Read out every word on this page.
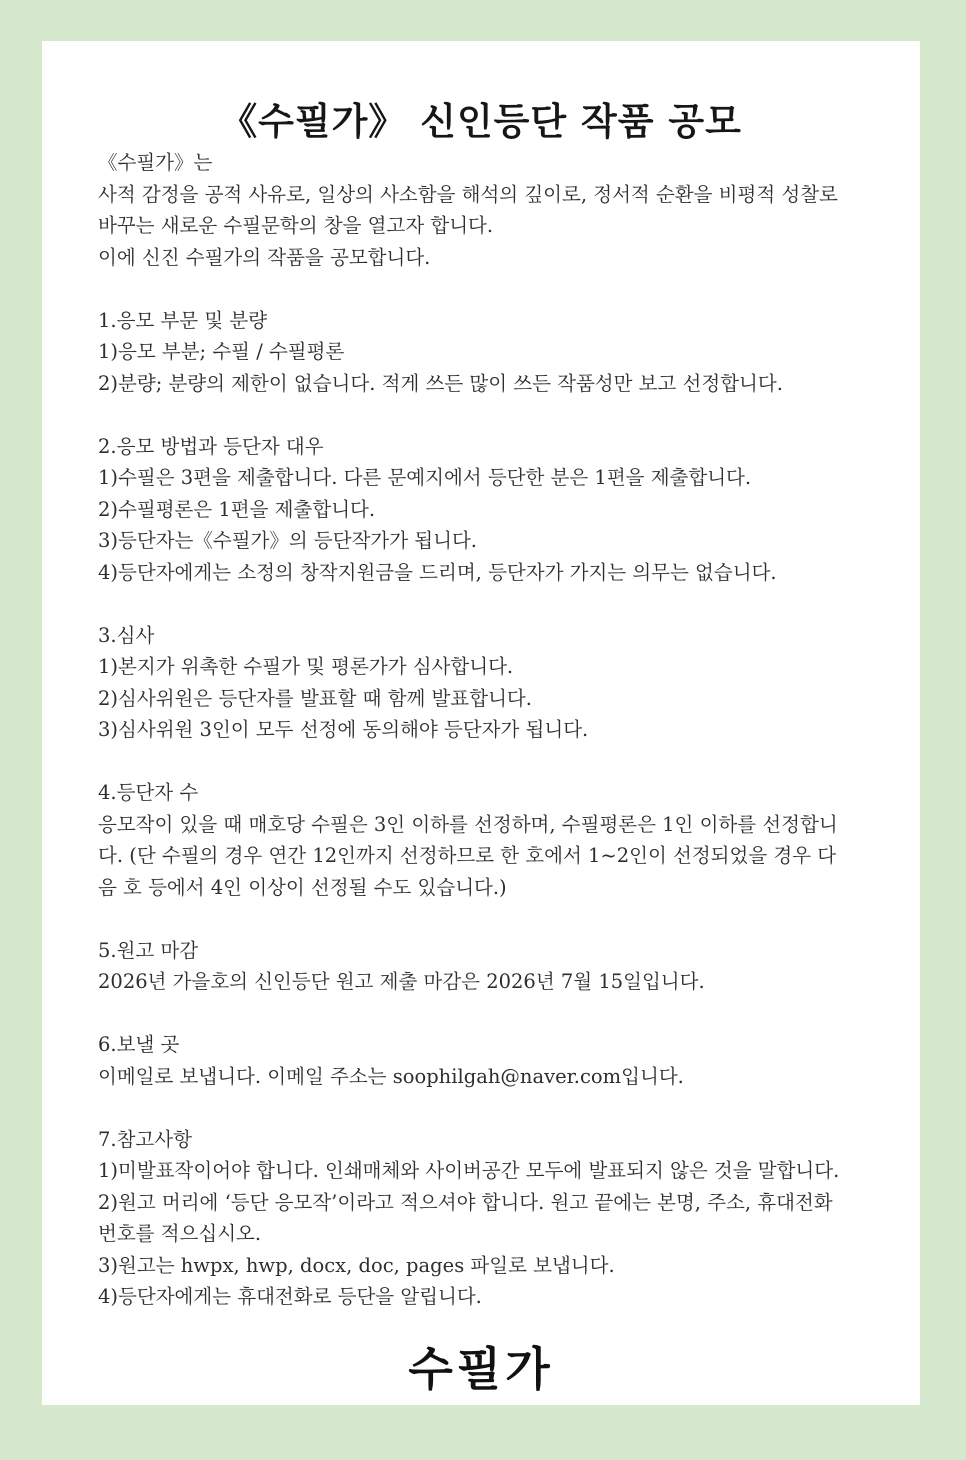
《수필가》 신인등단 작품 공모

《수필가》는

사적 감정을 공적 사유로, 일상의 사소함을 해석의 깊이로, 정서적 순환을 비평적 성찰로

바꾸는 새로운 수필문학의 창을 열고자 합니다.

이에 신진 수필가의 작품을 공모합니다.

1.응모 부문 및 분량

1)응모 부분; 수필 / 수필평론

2)분량; 분량의 제한이 없습니다. 적게 쓰든 많이 쓰든 작품성만 보고 선정합니다.

2.응모 방법과 등단자 대우

1)수필은 3편을 제출합니다. 다른 문예지에서 등단한 분은 1편을 제출합니다.

2)수필평론은 1편을 제출합니다.

3)등단자는《수필가》의 등단작가가 됩니다.

4)등단자에게는 소정의 창작지원금을 드리며, 등단자가 가지는 의무는 없습니다.

3.심사

1)본지가 위촉한 수필가 및 평론가가 심사합니다.

2)심사위원은 등단자를 발표할 때 함께 발표합니다.

3)심사위원 3인이 모두 선정에 동의해야 등단자가 됩니다.

4.등단자 수

응모작이 있을 때 매호당 수필은 3인 이하를 선정하며, 수필평론은 1인 이하를 선정합니

다. (단 수필의 경우 연간 12인까지 선정하므로 한 호에서 1~2인이 선정되었을 경우 다

음 호 등에서 4인 이상이 선정될 수도 있습니다.)

5.원고 마감

2026년 가을호의 신인등단 원고 제출 마감은 2026년 7월 15일입니다.

6.보낼 곳

이메일로 보냅니다. 이메일 주소는 soophilgah@naver.com입니다.

7.참고사항

1)미발표작이어야 합니다. 인쇄매체와 사이버공간 모두에 발표되지 않은 것을 말합니다.

2)원고 머리에 ‘등단 응모작’이라고 적으셔야 합니다. 원고 끝에는 본명, 주소, 휴대전화

번호를 적으십시오.

3)원고는 hwpx, hwp, docx, doc, pages 파일로 보냅니다.

4)등단자에게는 휴대전화로 등단을 알립니다.

수필가
